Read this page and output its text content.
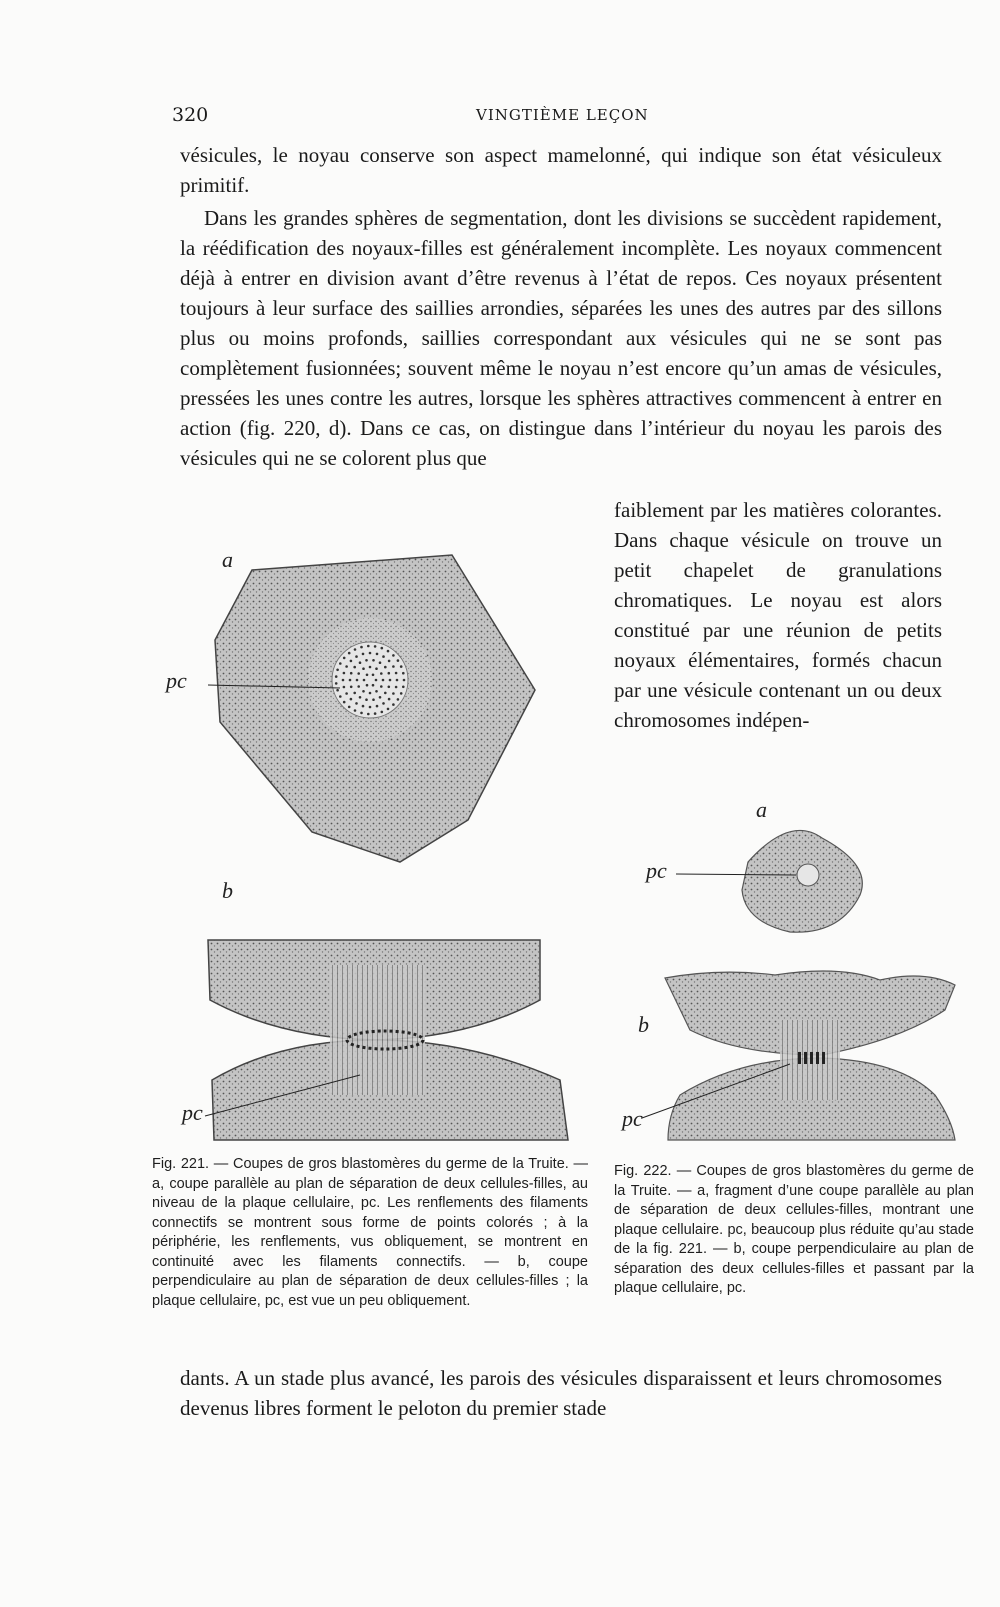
320	VINGTIÈME LEÇON

vésicules, le noyau conserve son aspect mamelonné, qui indique son état vésiculeux primitif.

Dans les grandes sphères de segmentation, dont les divisions se succèdent rapidement, la réédification des noyaux-filles est généralement incomplète. Les noyaux commencent déjà à entrer en division avant d’être revenus à l’état de repos. Ces noyaux présentent toujours à leur surface des saillies arrondies, séparées les unes des autres par des sillons plus ou moins profonds, saillies correspondant aux vésicules qui ne se sont pas complètement fusionnées; souvent même le noyau n’est encore qu’un amas de vésicules, pressées les unes contre les autres, lorsque les sphères attractives commencent à entrer en action (fig. 220, d). Dans ce cas, on distingue dans l’intérieur du noyau les parois des vésicules qui ne se colorent plus que

faiblement par les matières colorantes. Dans chaque vésicule on trouve un petit chapelet de granulations chromatiques. Le noyau est alors constitué par une réunion de petits noyaux élémentaires, formés chacun par une vésicule contenant un ou deux chromosomes indépen-

dants. A un stade plus avancé, les parois des vésicules disparaissent et leurs chromosomes devenus libres forment le peloton du premier stade

a
pc
b
pc
a
pc
b
pc
Fig. 221. — Coupes de gros blastomères du germe de la Truite. — a, coupe parallèle au plan de séparation de deux cellules-filles, au niveau de la plaque cellulaire, pc. Les renflements des filaments connectifs se montrent sous forme de points colorés ; à la périphérie, les renflements, vus obliquement, se montrent en continuité avec les filaments connectifs. — b, coupe perpendiculaire au plan de séparation de deux cellules-filles ; la plaque cellulaire, pc, est vue un peu obliquement.
Fig. 222. — Coupes de gros blastomères du germe de la Truite. — a, fragment d’une coupe parallèle au plan de séparation de deux cellules-filles, montrant une plaque cellulaire. pc, beaucoup plus réduite qu’au stade de la fig. 221. — b, coupe perpendiculaire au plan de séparation des deux cellules-filles et passant par la plaque cellulaire, pc.
